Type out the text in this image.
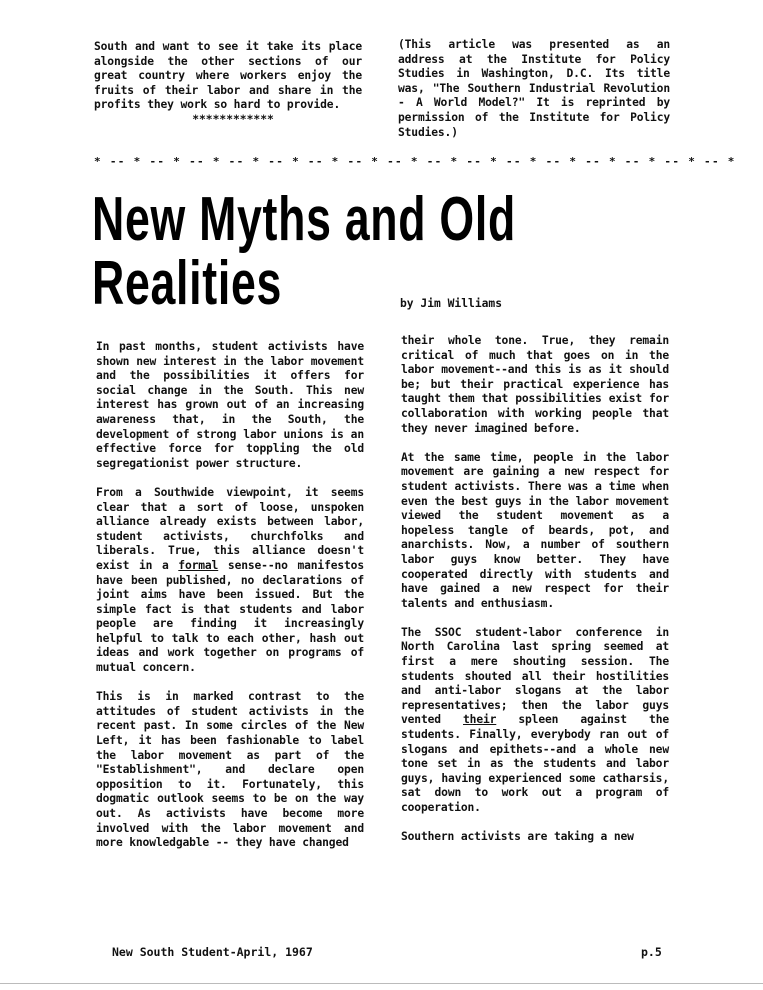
South and want to see it take its place alongside the other sections of our great country where workers enjoy the fruits of their labor and share in the profits they work so hard to provide.

************

(This article was presented as an address at the Institute for Policy Studies in Washington, D.C. Its title was, "The Southern Industrial Revolution - A World Model?" It is reprinted by permission of the Institute for Policy Studies.)

* -- * -- * -- * -- * -- * -- * -- * -- * -- * -- * -- * -- * -- * -- * -- * -- *
New Myths and Old
Realities	by Jim Williams

In past months, student activists have shown new interest in the labor movement and the possibilities it offers for social change in the South. This new interest has grown out of an increasing awareness that, in the South, the development of strong labor unions is an effective force for toppling the old segregationist power structure.

From a Southwide viewpoint, it seems clear that a sort of loose, unspoken alliance already exists between labor, student activists, churchfolks and liberals. True, this alliance doesn't exist in a formal sense--no manifestos have been published, no declarations of joint aims have been issued. But the simple fact is that students and labor people are finding it increasingly helpful to talk to each other, hash out ideas and work together on programs of mutual concern.

This is in marked contrast to the attitudes of student activists in the recent past. In some circles of the New Left, it has been fashionable to label the labor movement as part of the "Establishment", and declare open opposition to it. Fortunately, this dogmatic outlook seems to be on the way out. As activists have become more involved with the labor movement and more knowledgable -- they have changed

their whole tone. True, they remain critical of much that goes on in the labor movement--and this is as it should be; but their practical experience has taught them that possibilities exist for collaboration with working people that they never imagined before.

At the same time, people in the labor movement are gaining a new respect for student activists. There was a time when even the best guys in the labor movement viewed the student movement as a hopeless tangle of beards, pot, and anarchists. Now, a number of southern labor guys know better. They have cooperated directly with students and have gained a new respect for their talents and enthusiasm.

The SSOC student-labor conference in North Carolina last spring seemed at first a mere shouting session. The students shouted all their hostilities and anti-labor slogans at the labor representatives; then the labor guys vented their spleen against the students. Finally, everybody ran out of slogans and epithets--and a whole new tone set in as the students and labor guys, having experienced some catharsis, sat down to work out a program of cooperation.

Southern activists are taking a new

New South Student-April, 1967	p.5
